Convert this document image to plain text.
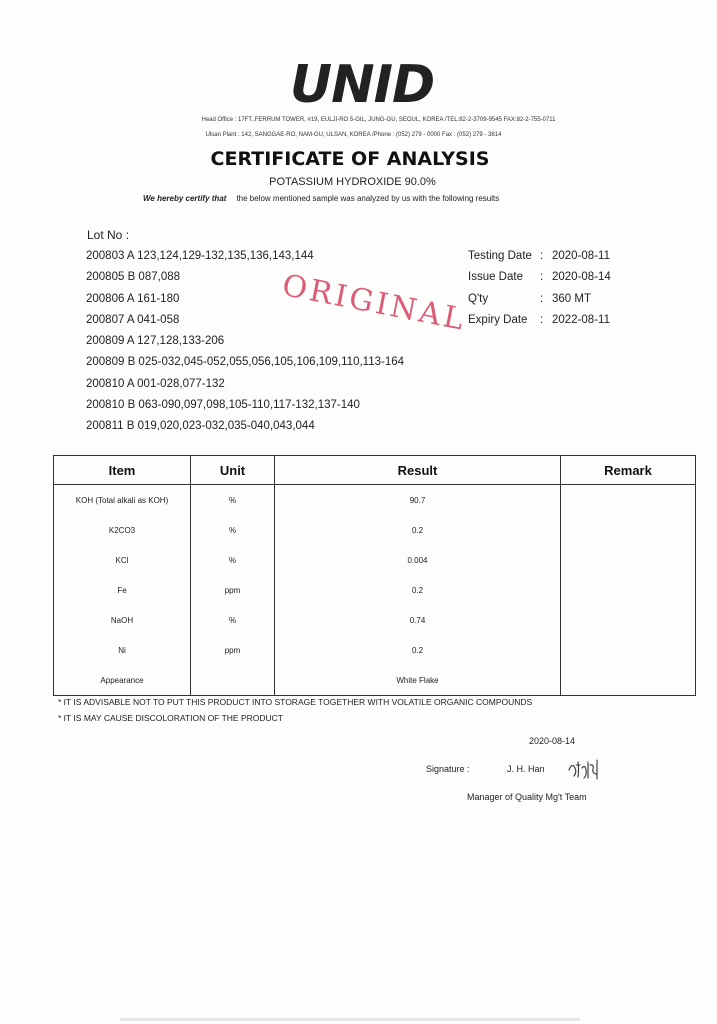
UNID
Head Office : 17FT.,FERRUM TOWER, #19, EULJI-RO 5-GIL, JUNG-GU, SEOUL, KOREA /TEL:82-2-3709-9545 FAX:82-2-755-0711
Ulsan Plant : 142, SANGGAE-RO, NAM-GU, ULSAN, KOREA /Phone : (052) 279 - 0000 Fax : (052) 279 - 3814
CERTIFICATE OF ANALYSIS
POTASSIUM HYDROXIDE 90.0%
We hereby certify that the below mentioned sample was analyzed by us with the following results
Lot No :
200803 A 123,124,129-132,135,136,143,144
200805 B 087,088
200806 A 161-180
200807 A 041-058
200809 A 127,128,133-206
200809 B 025-032,045-052,055,056,105,106,109,110,113-164
200810 A 001-028,077-132
200810 B 063-090,097,098,105-110,117-132,137-140
200811 B 019,020,023-032,035-040,043,044
Testing Date : 2020-08-11
Issue Date : 2020-08-14
Q'ty	: 360 MT
Expiry Date : 2022-08-11
ORIGINAL
Item	Unit	Result	Remark
KOH (Total alkali as KOH)	%	90.7	
K2CO3	%	0.2	
KCl	%	0.004	
Fe	ppm	0.2	
NaOH	%	0.74	
Ni	ppm	0.2	
Appearance		White Flake	
* IT IS ADVISABLE NOT TO PUT THIS PRODUCT INTO STORAGE TOGETHER WITH VOLATILE ORGANIC COMPOUNDS
* IT IS MAY CAUSE DISCOLORATION OF THE PRODUCT
2020-08-14
Signature :	J. H. Han
Manager of Quality Mg't Team
